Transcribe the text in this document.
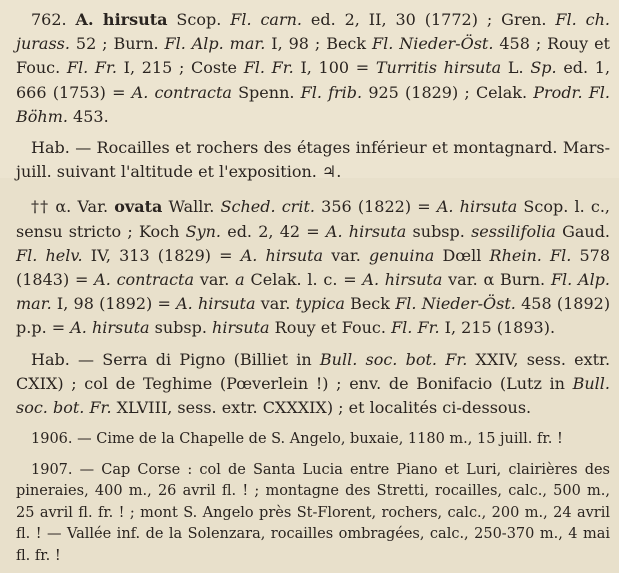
762. A. hirsuta Scop. Fl. carn. ed. 2, II, 30 (1772) ; Gren. Fl. ch. jurass. 52 ; Burn. Fl. Alp. mar. I, 98 ; Beck Fl. Nieder-Öst. 458 ; Rouy et Fouc. Fl. Fr. I, 215 ; Coste Fl. Fr. I, 100 = Turritis hirsuta L. Sp. ed. 1, 666 (1753) = A. contracta Spenn. Fl. frib. 925 (1829) ; Celak. Prodr. Fl. Böhm. 453.

Hab. — Rocailles et rochers des étages inférieur et montagnard. Mars-juill. suivant l'altitude et l'exposition. ♃.

†† α. Var. ovata Wallr. Sched. crit. 356 (1822) = A. hirsuta Scop. l. c., sensu stricto ; Koch Syn. ed. 2, 42 = A. hirsuta subsp. sessilifolia Gaud. Fl. helv. IV, 313 (1829) = A. hirsuta var. genuina Dœll Rhein. Fl. 578 (1843) = A. contracta var. a Celak. l. c. = A. hirsuta var. α Burn. Fl. Alp. mar. I, 98 (1892) = A. hirsuta var. typica Beck Fl. Nieder-Öst. 458 (1892) p.p. = A. hirsuta subsp. hirsuta Rouy et Fouc. Fl. Fr. I, 215 (1893).

Hab. — Serra di Pigno (Billiet in Bull. soc. bot. Fr. XXIV, sess. extr. CXIX) ; col de Teghime (Pœverlein !) ; env. de Bonifacio (Lutz in Bull. soc. bot. Fr. XLVIII, sess. extr. CXXXIX) ; et localités ci-dessous.

1906. — Cime de la Chapelle de S. Angelo, buxaie, 1180 m., 15 juill. fr. !

1907. — Cap Corse : col de Santa Lucia entre Piano et Luri, clairières des pineraies, 400 m., 26 avril fl. ! ; montagne des Stretti, rocailles, calc., 500 m., 25 avril fl. fr. ! ; mont S. Angelo près St-Florent, rochers, calc., 200 m., 24 avril fl. ! — Vallée inf. de la Solenzara, rocailles ombragées, calc., 250-370 m., 4 mai fl. fr. !
